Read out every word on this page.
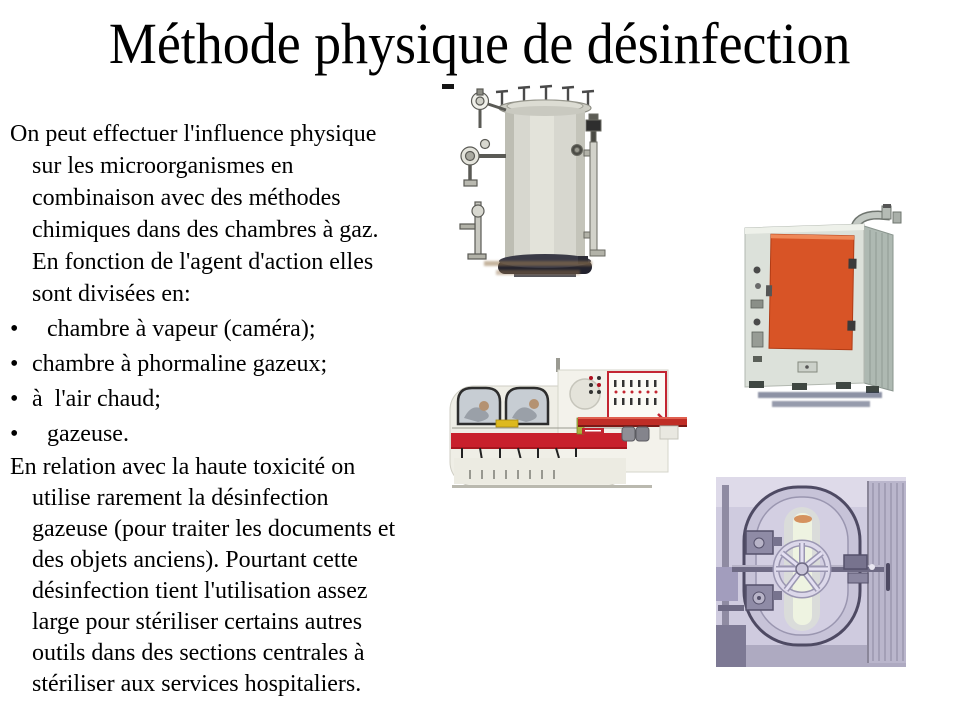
Méthode physique de désinfection
On peut effectuer l'influence physique
sur les microorganismes en
combinaison avec des méthodes
chimiques dans des chambres à gaz.
En fonction de l'agent d'action elles
sont divisées en:
• chambre à vapeur (caméra);
• chambre à phormaline gazeux;
• à  l'air chaud;
• gazeuse.
En relation avec la haute toxicité on
utilise rarement la désinfection
gazeuse (pour traiter les documents et
des objets anciens). Pourtant cette
désinfection tient l'utilisation assez
large pour stériliser certains autres
outils dans des sections centrales à
stériliser aux services hospitaliers.
